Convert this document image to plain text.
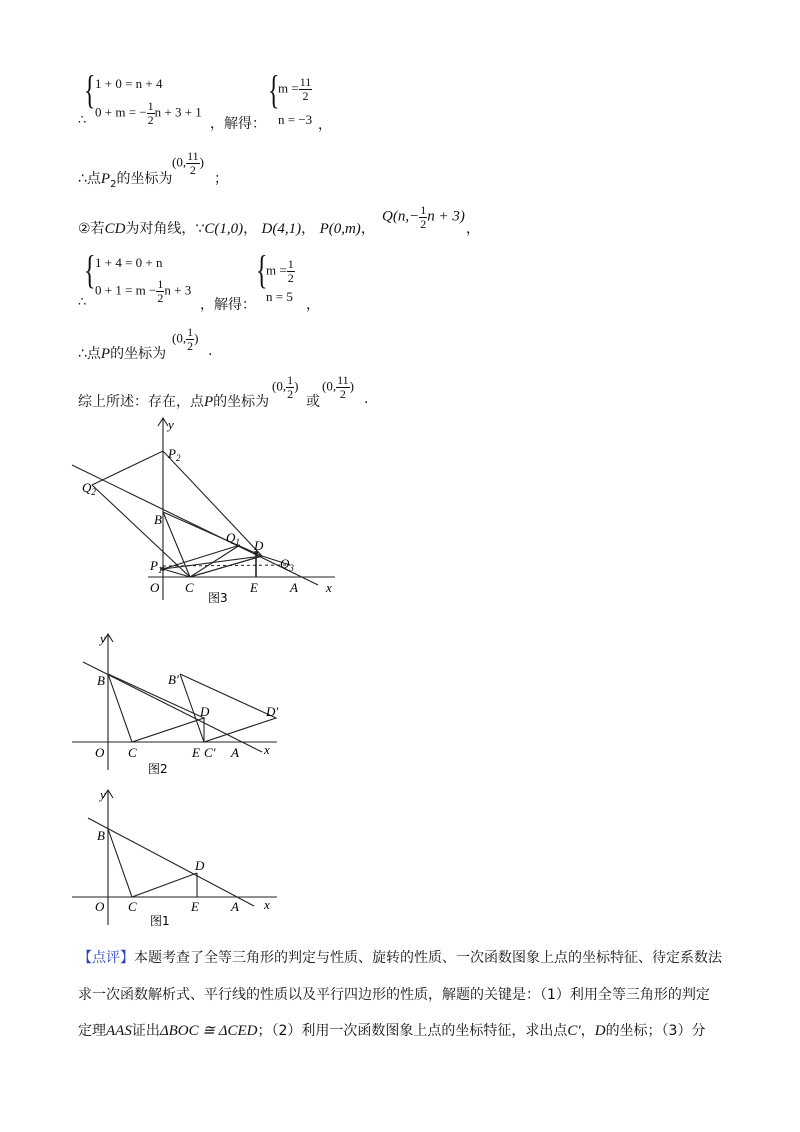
∴
{ 1 + 0 = n + 4
0 + m = − $\frac{1}{2}$ n + 3 + 1
，解得：
{
$m = \frac{11}{2}$
n = −3 ，
∴点$P_2$的坐标为
(0, $\frac{11}{2}$ )
；
②若CD为对角线，∵C(1,0)， D(4,1)， P(0,m)，
$Q(n,- \frac{1}{2}$ n + 3)
，
∴
{ 1 + 4 = 0 + n
$0 + 1 = m - \frac{1}{2}$ n + 3
，解得：
{
$m = \frac{1}{2}$
n = 5
，
∴点P的坐标为
(0, $\frac{1}{2}$ )
.
综上所述：存在，点P的坐标为
(0, $\frac{1}{2}$ )
或
(0, $\frac{11}{2}$ )
.
y
x
O
$P_2$
$Q_2$
B
$Q_1$ D
$P_1$	$Q_3$
C	E A
图3
y
x
O
B	B′
D	D′
C	E C′ A
图2
y
x
O
B
D
C	E A
图1
【点评】本题考查了全等三角形的判定与性质、旋转的性质、一次函数图象上点的坐标特征、待定系数法
求一次函数解析式、平行线的性质以及平行四边形的性质，解题的关键是：（1）利用全等三角形的判定
定理AAS证出ΔBOC ≅ ΔCED；（2）利用一次函数图象上点的坐标特征，求出点C′，D的坐标；（3）分
